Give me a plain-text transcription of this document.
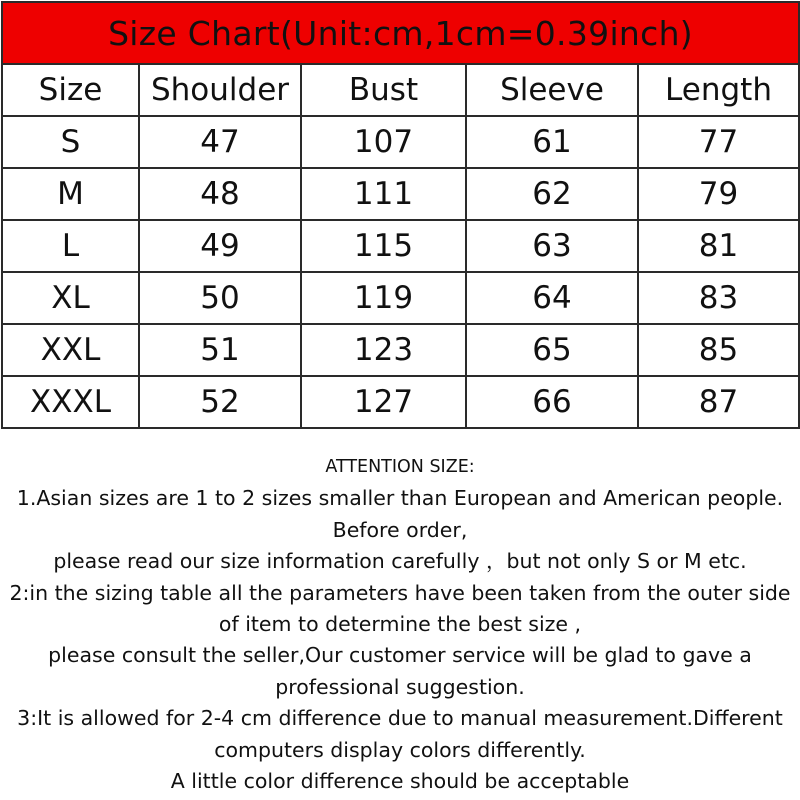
Size Chart(Unit:cm,1cm=0.39inch)				
Size	Shoulder	Bust	Sleeve	Length
S	47	107	61	77
M	48	111	62	79
L	49	115	63	81
XL	50	119	64	83
XXL	51	123	65	85
XXXL	52	127	66	87
ATTENTION SIZE:
1.Asian sizes are 1 to 2 sizes smaller than European and American people.
Before order,
please read our size information carefully ，but not only S or M etc.
2:in the sizing table all the parameters have been taken from the outer side
of item to determine the best size ,
please consult the seller,Our customer service will be glad to gave a
professional suggestion.
3:It is allowed for 2-4 cm difference due to manual measurement.Different
computers display colors differently.
A little color difference should be acceptable
